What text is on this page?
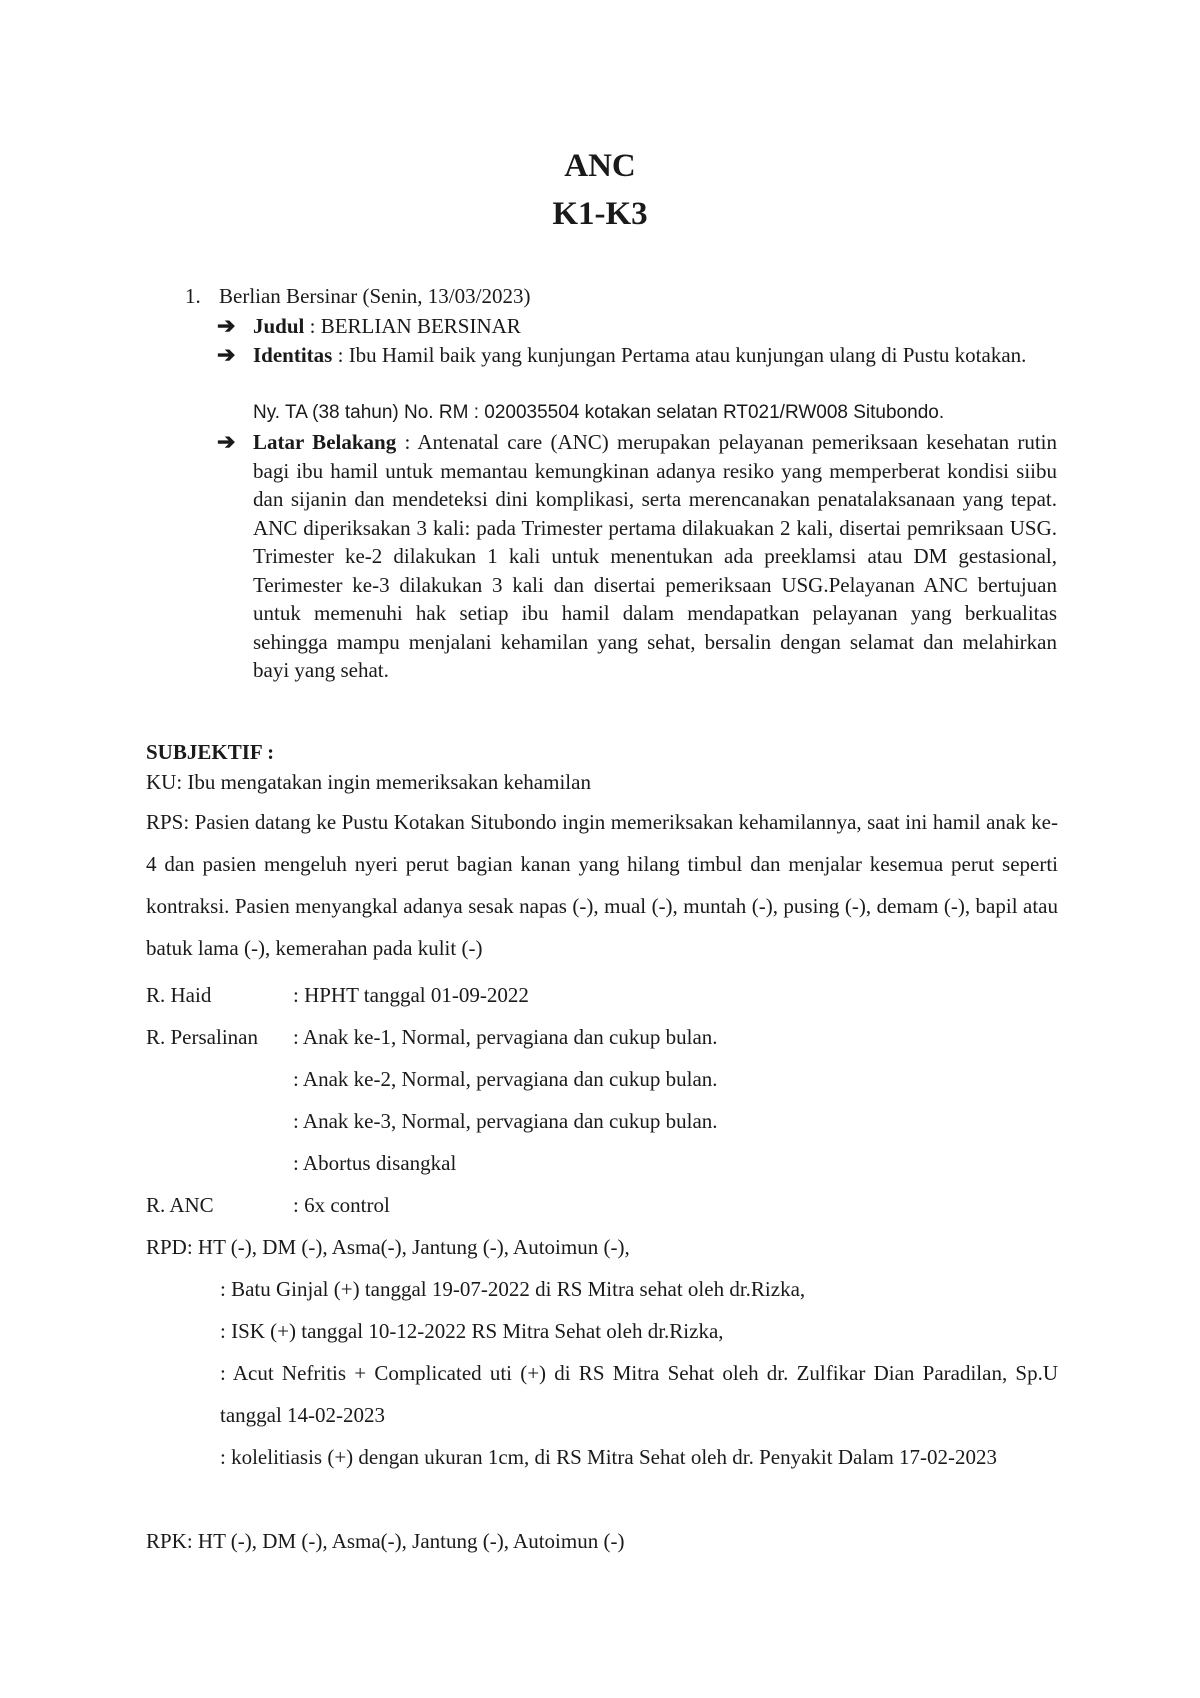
ANC
K1-K3
1. Berlian Bersinar (Senin, 13/03/2023)
➔ Judul : BERLIAN BERSINAR
➔ Identitas : Ibu Hamil baik yang kunjungan Pertama atau kunjungan ulang di Pustu kotakan.
Ny. TA (38 tahun) No. RM : 020035504 kotakan selatan RT021/RW008 Situbondo.
➔ Latar Belakang : Antenatal care (ANC) merupakan pelayanan pemeriksaan kesehatan rutin bagi ibu hamil untuk memantau kemungkinan adanya resiko yang memperberat kondisi siibu dan sijanin dan mendeteksi dini komplikasi, serta merencanakan penatalaksanaan yang tepat. ANC diperiksakan 3 kali: pada Trimester pertama dilakuakan 2 kali, disertai pemriksaan USG. Trimester ke-2 dilakukan 1 kali untuk menentukan ada preeklamsi atau DM gestasional, Terimester ke-3 dilakukan 3 kali dan disertai pemeriksaan USG.Pelayanan ANC bertujuan untuk memenuhi hak setiap ibu hamil dalam mendapatkan pelayanan yang berkualitas sehingga mampu menjalani kehamilan yang sehat, bersalin dengan selamat dan melahirkan bayi yang sehat.
SUBJEKTIF :
KU: Ibu mengatakan ingin memeriksakan kehamilan
RPS: Pasien datang ke Pustu Kotakan Situbondo ingin memeriksakan kehamilannya, saat ini hamil anak ke-4 dan pasien mengeluh nyeri perut bagian kanan yang hilang timbul dan menjalar kesemua perut seperti kontraksi. Pasien menyangkal adanya sesak napas (-), mual (-), muntah (-), pusing (-), demam (-), bapil atau batuk lama (-), kemerahan pada kulit (-)
R. Haid	: HPHT tanggal 01-09-2022
R. Persalinan : Anak ke-1, Normal, pervagiana dan cukup bulan.
: Anak ke-2, Normal, pervagiana dan cukup bulan.
: Anak ke-3, Normal, pervagiana dan cukup bulan.
: Abortus disangkal
R. ANC	: 6x control
RPD: HT (-), DM (-), Asma(-), Jantung (-), Autoimun (-),
: Batu Ginjal (+) tanggal 19-07-2022 di RS Mitra sehat oleh dr.Rizka,
: ISK (+) tanggal 10-12-2022 RS Mitra Sehat oleh dr.Rizka,
: Acut Nefritis + Complicated uti (+) di RS Mitra Sehat oleh dr. Zulfikar Dian Paradilan, Sp.U tanggal 14-02-2023
: kolelitiasis (+) dengan ukuran 1cm, di RS Mitra Sehat oleh dr. Penyakit Dalam 17-02-2023
RPK: HT (-), DM (-), Asma(-), Jantung (-), Autoimun (-)
